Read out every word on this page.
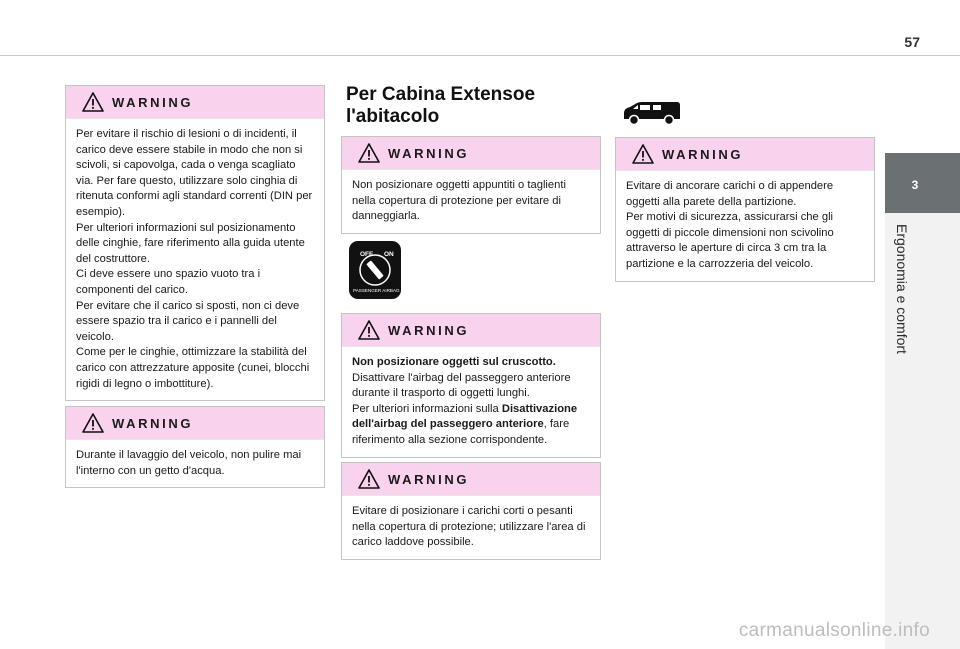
57
3
Ergonomia e comfort
WARNING

Per evitare il rischio di lesioni o di incidenti, il carico deve essere stabile in modo che non si scivoli, si capovolga, cada o venga scagliato via. Per fare questo, utilizzare solo cinghia di ritenuta conformi agli standard correnti (DIN per esempio).

Per ulteriori informazioni sul posizionamento delle cinghie, fare riferimento alla guida utente del costruttore.

Ci deve essere uno spazio vuoto tra i componenti del carico.

Per evitare che il carico si sposti, non ci deve essere spazio tra il carico e i pannelli del veicolo.

Come per le cinghie, ottimizzare la stabilità del carico con attrezzature apposite (cunei, blocchi rigidi di legno o imbottiture).

WARNING

Durante il lavaggio del veicolo, non pulire mai l'interno con un getto d'acqua.

Per Cabina Extensoe l'abitacolo
WARNING

Non posizionare oggetti appuntiti o taglienti nella copertura di protezione per evitare di danneggiarla.

OFF ON
PASSENGER AIRBAG
WARNING

Non posizionare oggetti sul cruscotto.

Disattivare l'airbag del passeggero anteriore durante il trasporto di oggetti lunghi.

Per ulteriori informazioni sulla Disattivazione dell'airbag del passeggero anteriore, fare riferimento alla sezione corrispondente.

WARNING

Evitare di posizionare i carichi corti o pesanti nella copertura di protezione; utilizzare l'area di carico laddove possibile.

WARNING

Evitare di ancorare carichi o di appendere oggetti alla parete della partizione.

Per motivi di sicurezza, assicurarsi che gli oggetti di piccole dimensioni non scivolino attraverso le aperture di circa 3 cm tra la partizione e la carrozzeria del veicolo.

carmanualsonline.info
